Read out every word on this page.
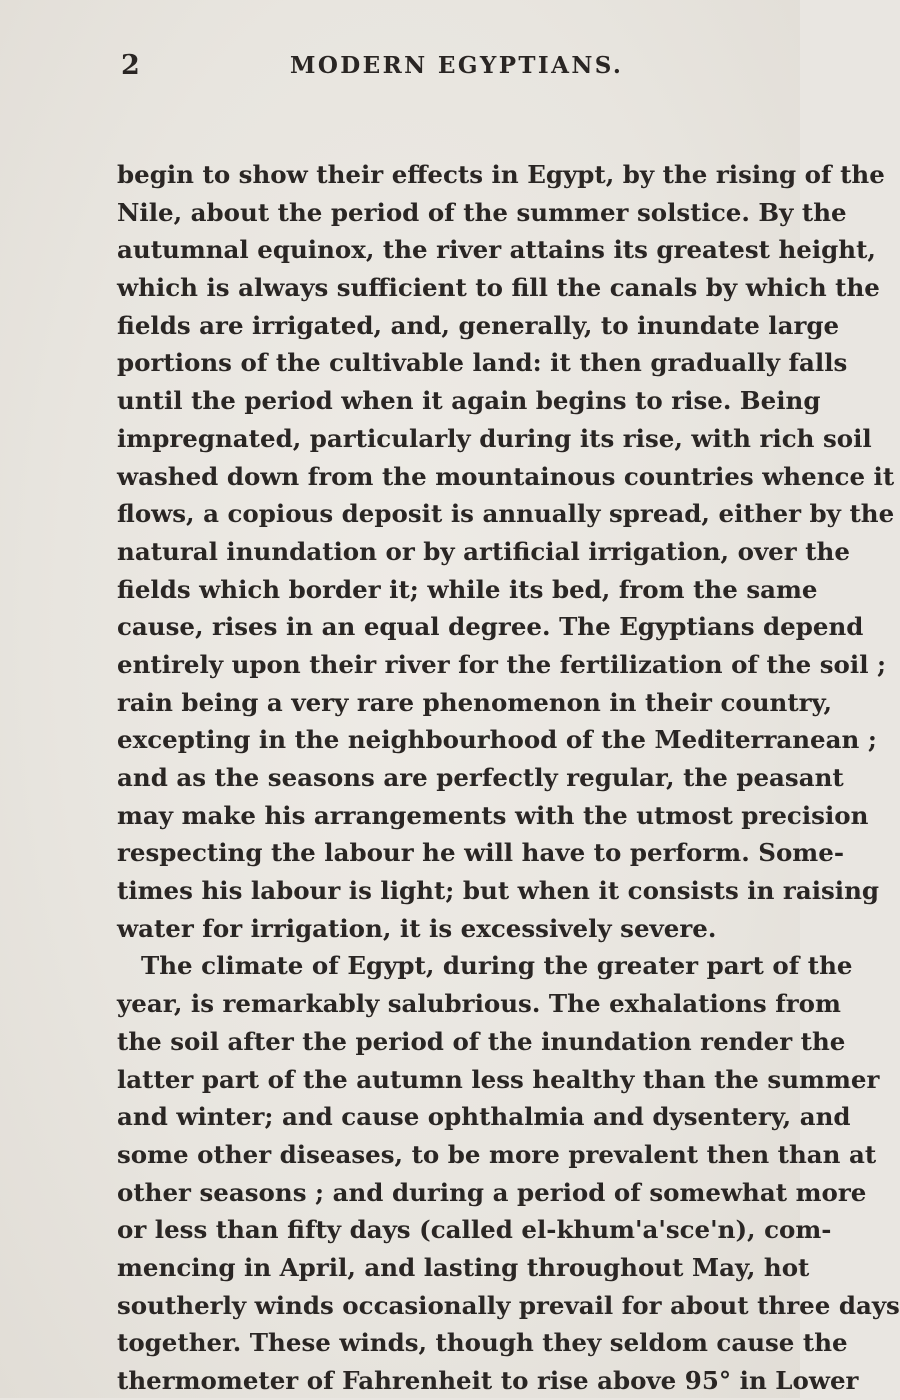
2	MODERN EGYPTIANS.
begin to show their effects in Egypt, by the rising of the
Nile, about the period of the summer solstice. By the
autumnal equinox, the river attains its greatest height,
which is always sufficient to fill the canals by which the
fields are irrigated, and, generally, to inundate large
portions of the cultivable land: it then gradually falls
until the period when it again begins to rise. Being
impregnated, particularly during its rise, with rich soil
washed down from the mountainous countries whence it
flows, a copious deposit is annually spread, either by the
natural inundation or by artificial irrigation, over the
fields which border it; while its bed, from the same
cause, rises in an equal degree. The Egyptians depend
entirely upon their river for the fertilization of the soil ;
rain being a very rare phenomenon in their country,
excepting in the neighbourhood of the Mediterranean ;
and as the seasons are perfectly regular, the peasant
may make his arrangements with the utmost precision
respecting the labour he will have to perform. Some-
times his labour is light; but when it consists in raising
water for irrigation, it is excessively severe.
The climate of Egypt, during the greater part of the
year, is remarkably salubrious. The exhalations from
the soil after the period of the inundation render the
latter part of the autumn less healthy than the summer
and winter; and cause ophthalmia and dysentery, and
some other diseases, to be more prevalent then than at
other seasons ; and during a period of somewhat more
or less than fifty days (called el-khum'a'sce'n), com-
mencing in April, and lasting throughout May, hot
southerly winds occasionally prevail for about three days
together. These winds, though they seldom cause the
thermometer of Fahrenheit to rise above 95° in Lower
